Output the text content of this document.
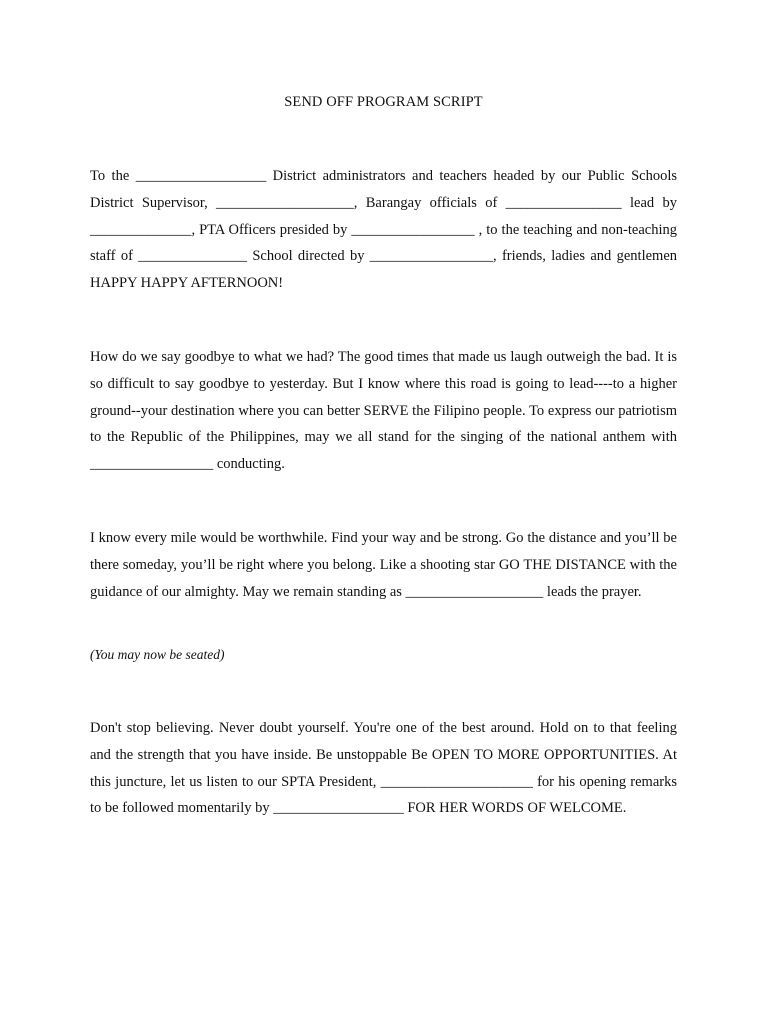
SEND OFF PROGRAM SCRIPT

To the __________________ District administrators and teachers headed by our Public Schools District Supervisor, ___________________, Barangay officials of ________________ lead by ______________, PTA Officers presided by _________________ , to the teaching and non-teaching staff of _______________ School directed by _________________, friends, ladies and gentlemen HAPPY HAPPY AFTERNOON!

How do we say goodbye to what we had? The good times that made us laugh outweigh the bad. It is so difficult to say goodbye to yesterday. But I know where this road is going to lead----to a higher ground--your destination where you can better SERVE the Filipino people. To express our patriotism to the Republic of the Philippines, may we all stand for the singing of the national anthem with _________________ conducting.

I know every mile would be worthwhile. Find your way and be strong. Go the distance and you’ll be there someday, you’ll be right where you belong. Like a shooting star GO THE DISTANCE with the guidance of our almighty. May we remain standing as ___________________ leads the prayer.

(You may now be seated)

Don't stop believing. Never doubt yourself. You're one of the best around. Hold on to that feeling and the strength that you have inside. Be unstoppable Be OPEN TO MORE OPPORTUNITIES. At this juncture, let us listen to our SPTA President, _____________________ for his opening remarks to be followed momentarily by __________________ FOR HER WORDS OF WELCOME.
